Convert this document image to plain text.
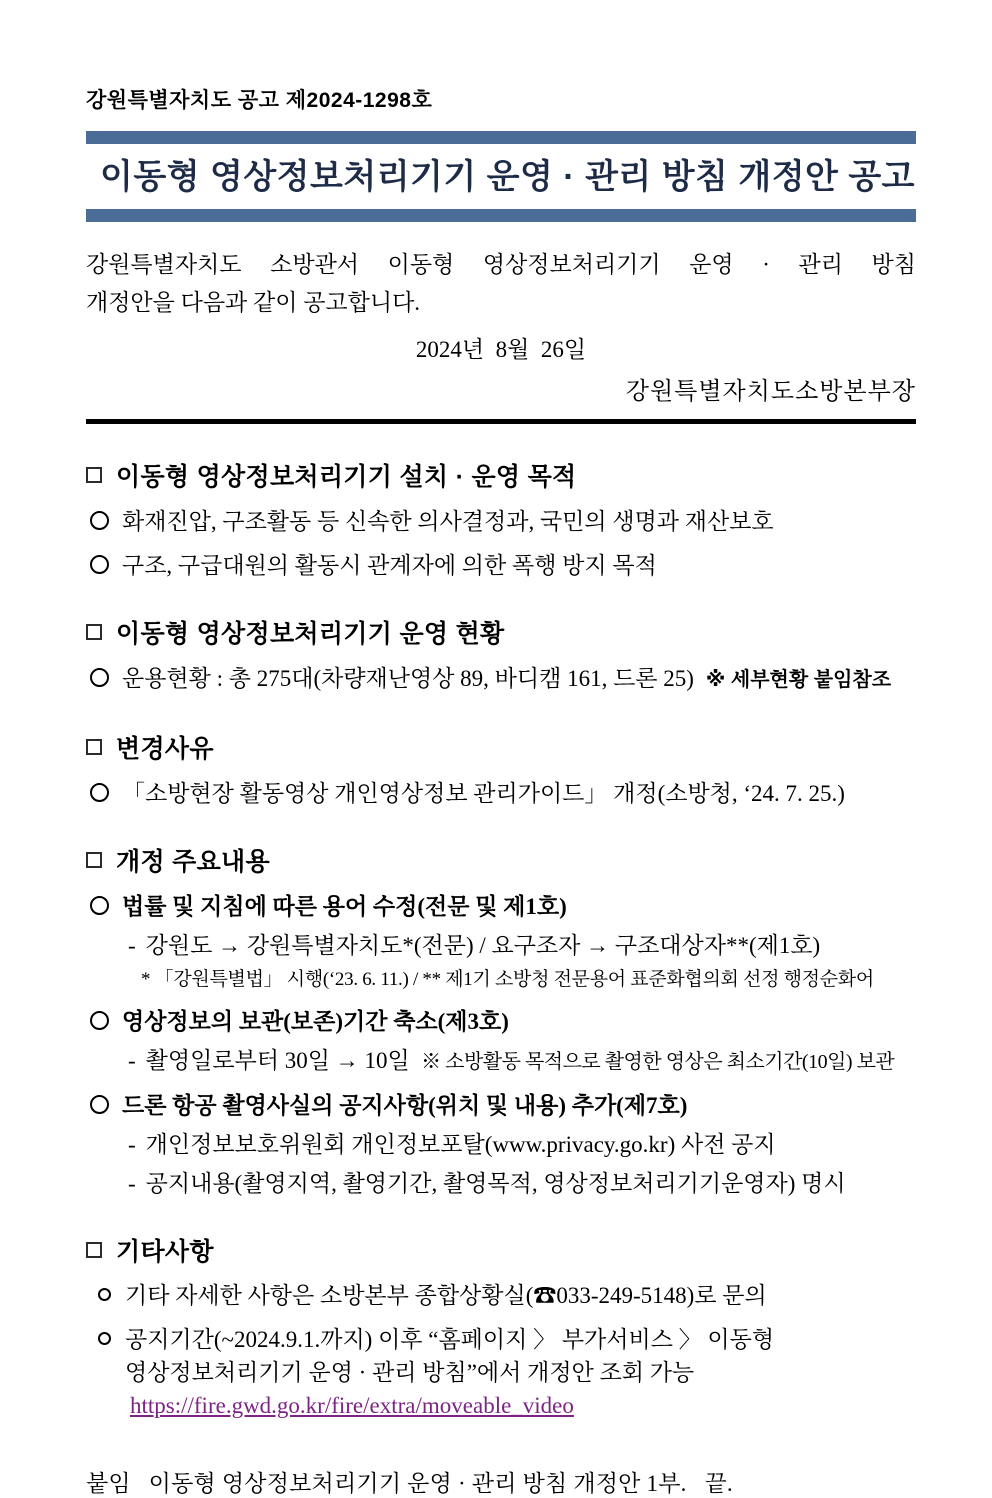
강원특별자치도 공고 제2024-1298호
이동형 영상정보처리기기 운영 · 관리 방침 개정안 공고
강원특별자치도 소방관서 이동형 영상정보처리기기 운영 · 관리 방침
개정안을 다음과 같이 공고합니다.
2024년  8월  26일
강원특별자치도소방본부장
이동형 영상정보처리기기 설치 · 운영 목적
화재진압, 구조활동 등 신속한 의사결정과, 국민의 생명과 재산보호
구조, 구급대원의 활동시 관계자에 의한 폭행 방지 목적
이동형 영상정보처리기기 운영 현황
운용현황 : 총 275대(차량재난영상 89, 바디캠 161, 드론 25) ※ 세부현황 붙임참조
변경사유
「소방현장 활동영상 개인영상정보 관리가이드」 개정(소방청, ‘24. 7. 25.)
개정 주요내용
법률 및 지침에 따른 용어 수정(전문 및 제1호)
- 강원도 → 강원특별자치도*(전문) / 요구조자 → 구조대상자**(제1호)
* 「강원특별법」 시행(‘23. 6. 11.) / ** 제1기 소방청 전문용어 표준화협의회 선정 행정순화어
영상정보의 보관(보존)기간 축소(제3호)
- 촬영일로부터 30일 → 10일 ※ 소방활동 목적으로 촬영한 영상은 최소기간(10일) 보관
드론 항공 촬영사실의 공지사항(위치 및 내용) 추가(제7호)
- 개인정보보호위원회 개인정보포탈(www.privacy.go.kr) 사전 공지
- 공지내용(촬영지역, 촬영기간, 촬영목적, 영상정보처리기기운영자) 명시
기타사항
기타 자세한 사항은 소방본부 종합상황실(☎033-249-5148)로 문의
공지기간(~2024.9.1.까지) 이후 “홈페이지 〉 부가서비스 〉 이동형
영상정보처리기기 운영 · 관리 방침”에서 개정안 조회 가능
https://fire.gwd.go.kr/fire/extra/moveable_video
붙임   이동형 영상정보처리기기 운영 · 관리 방침 개정안 1부.   끝.
